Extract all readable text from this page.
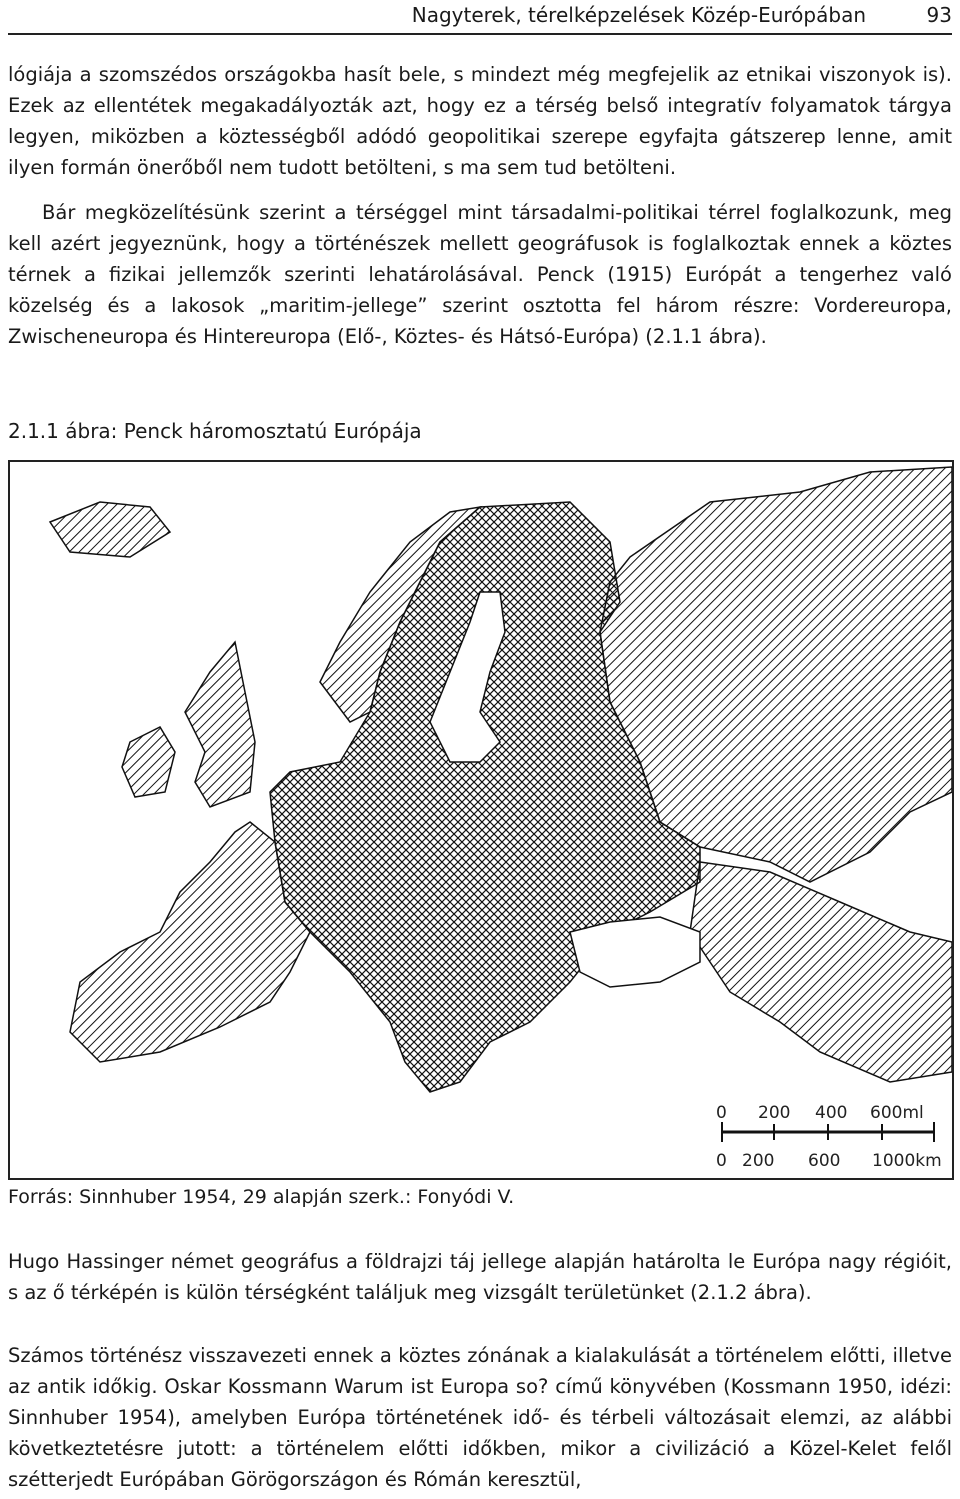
Nagyterek, térelképzelések Közép-Európában	93

lógiája a szomszédos országokba hasít bele, s mindezt még megfejelik az etnikai viszonyok is). Ezek az ellentétek megakadályozták azt, hogy ez a térség belső integratív folyamatok tárgya legyen, miközben a köztességből adódó geopolitikai szerepe egyfajta gátszerep lenne, amit ilyen formán önerőből nem tudott betölteni, s ma sem tud betölteni.

Bár megközelítésünk szerint a térséggel mint társadalmi-politikai térrel foglalkozunk, meg kell azért jegyeznünk, hogy a történészek mellett geográfusok is foglalkoztak ennek a köztes térnek a fizikai jellemzők szerinti lehatárolásával. Penck (1915) Európát a tengerhez való közelség és a lakosok „maritim-jellege” szerint osztotta fel három részre: Vordereuropa, Zwischeneuropa és Hintereuropa (Elő-, Köztes- és Hátsó-Európa) (2.1.1 ábra).

2.1.1 ábra: Penck háromosztatú Európája

0 200 400 600ml
0 200 600 1000km

Forrás: Sinnhuber 1954, 29 alapján szerk.: Fonyódi V.

Hugo Hassinger német geográfus a földrajzi táj jellege alapján határolta le Európa nagy régióit, s az ő térképén is külön térségként találjuk meg vizsgált területünket (2.1.2 ábra).

Számos történész visszavezeti ennek a köztes zónának a kialakulását a történelem előtti, illetve az antik időkig. Oskar Kossmann Warum ist Europa so? című könyvében (Kossmann 1950, idézi: Sinnhuber 1954), amelyben Európa történetének idő- és térbeli változásait elemzi, az alábbi következtetésre jutott: a történelem előtti időkben, mikor a civilizáció a Közel-Kelet felől szétterjedt Európában Görögországon és Rómán keresztül,
